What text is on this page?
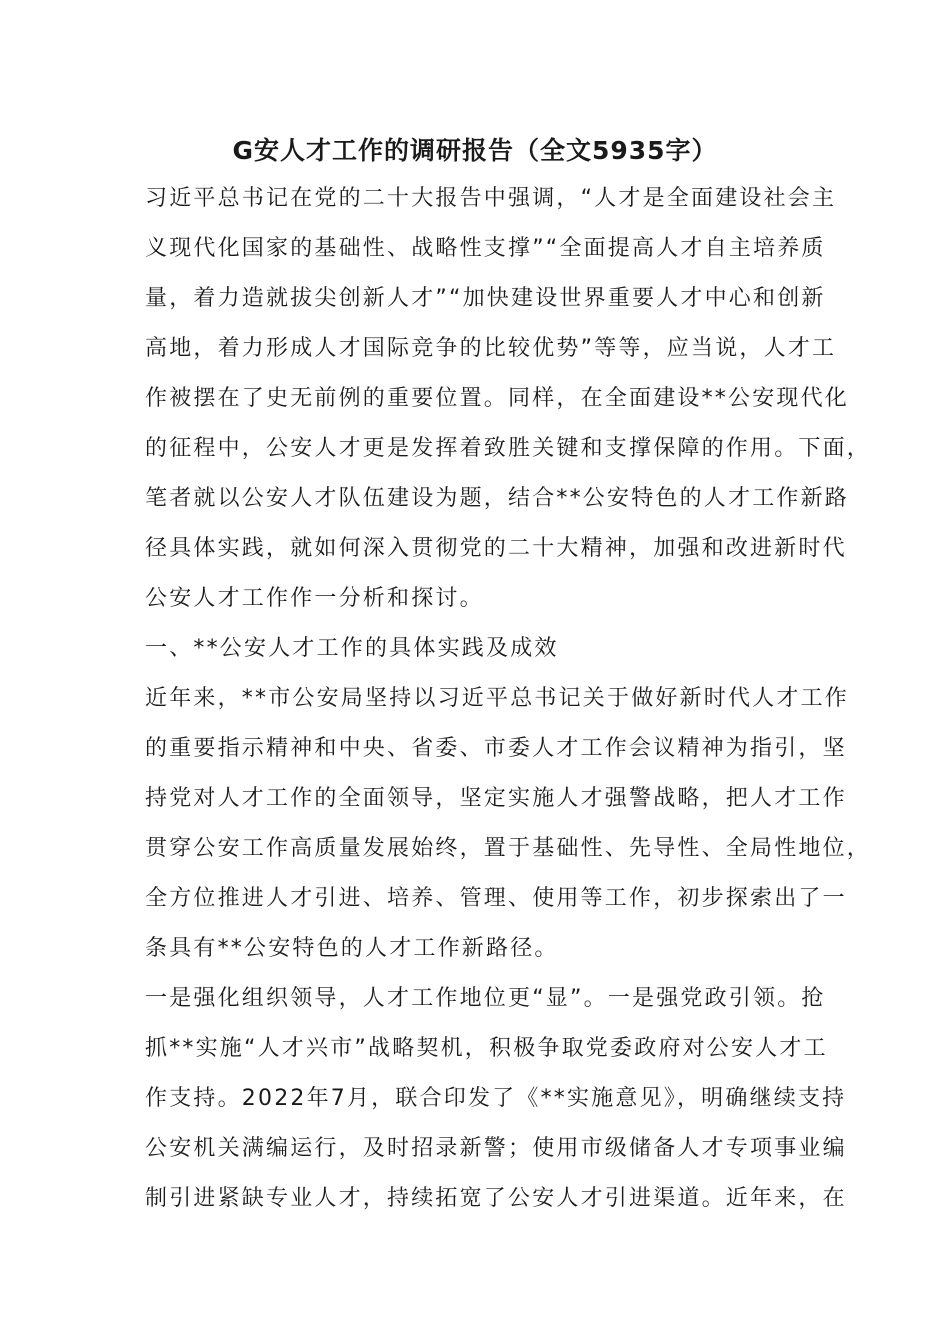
G安人才工作的调研报告（全文5935字）
习近平总书记在党的二十大报告中强调，“人才是全面建设社会主
义现代化国家的基础性、战略性支撑”“全面提高人才自主培养质
量，着力造就拔尖创新人才”“加快建设世界重要人才中心和创新
高地，着力形成人才国际竞争的比较优势”等等，应当说，人才工
作被摆在了史无前例的重要位置。同样，在全面建设**公安现代化
的征程中，公安人才更是发挥着致胜关键和支撑保障的作用。下面，
笔者就以公安人才队伍建设为题，结合**公安特色的人才工作新路
径具体实践，就如何深入贯彻党的二十大精神，加强和改进新时代
公安人才工作作一分析和探讨。
一、**公安人才工作的具体实践及成效
近年来，**市公安局坚持以习近平总书记关于做好新时代人才工作
的重要指示精神和中央、省委、市委人才工作会议精神为指引，坚
持党对人才工作的全面领导，坚定实施人才强警战略，把人才工作
贯穿公安工作高质量发展始终，置于基础性、先导性、全局性地位，
全方位推进人才引进、培养、管理、使用等工作，初步探索出了一
条具有**公安特色的人才工作新路径。
一是强化组织领导，人才工作地位更“显”。一是强党政引领。抢
抓**实施“人才兴市”战略契机，积极争取党委政府对公安人才工
作支持。2022年7月，联合印发了《**实施意见》，明确继续支持
公安机关满编运行，及时招录新警；使用市级储备人才专项事业编
制引进紧缺专业人才，持续拓宽了公安人才引进渠道。近年来，在
